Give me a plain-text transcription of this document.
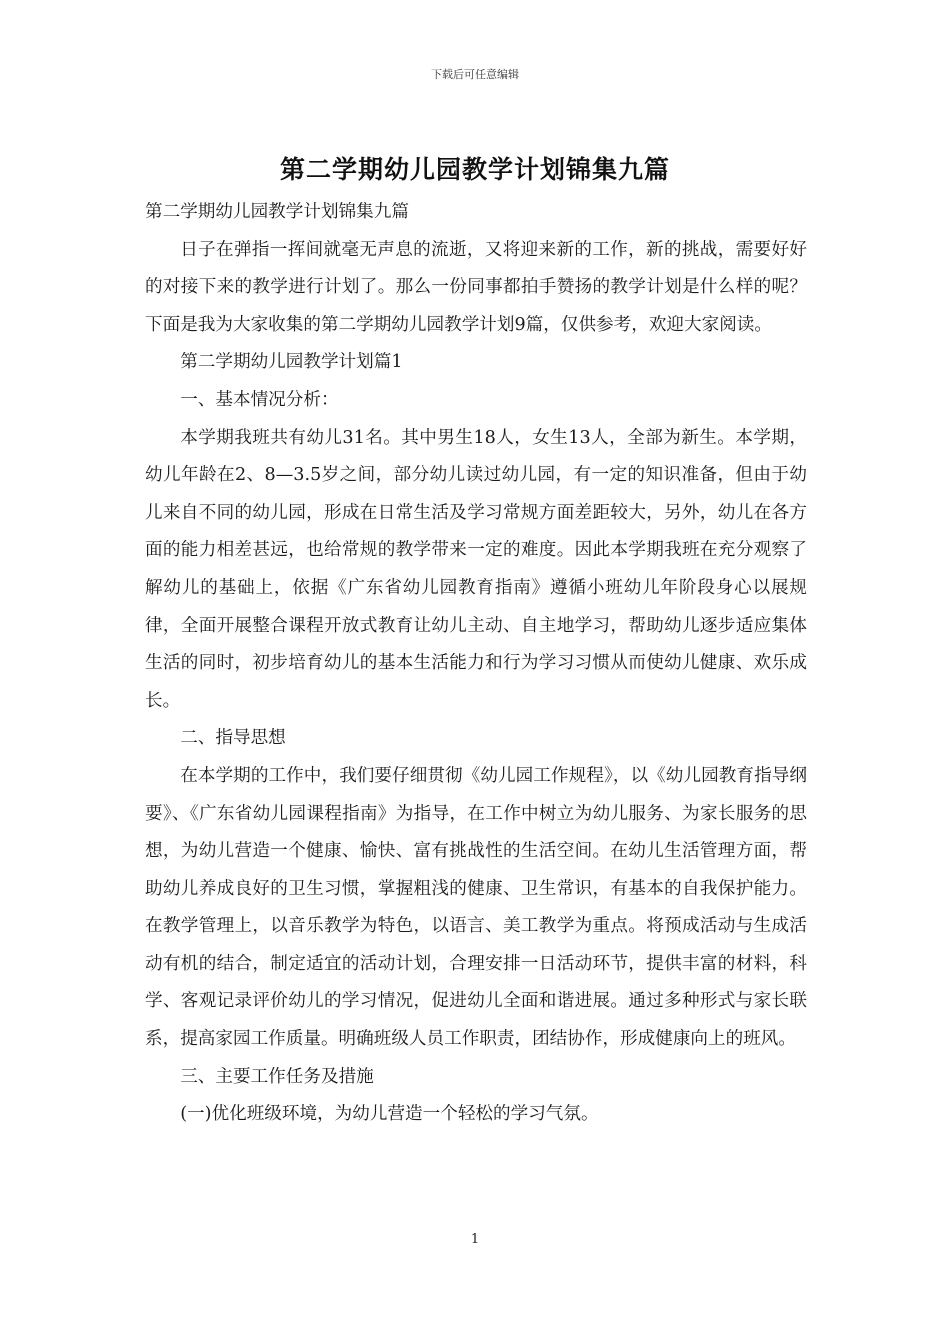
下载后可任意编辑
第二学期幼儿园教学计划锦集九篇

第二学期幼儿园教学计划锦集九篇

日子在弹指一挥间就毫无声息的流逝，又将迎来新的工作，新的挑战，需要好好的对接下来的教学进行计划了。那么一份同事都拍手赞扬的教学计划是什么样的呢？下面是我为大家收集的第二学期幼儿园教学计划9篇，仅供参考，欢迎大家阅读。

第二学期幼儿园教学计划篇1

一、基本情况分析：

本学期我班共有幼儿31名。其中男生18人，女生13人，全部为新生。本学期，幼儿年龄在2、8—3.5岁之间，部分幼儿读过幼儿园，有一定的知识准备，但由于幼儿来自不同的幼儿园，形成在日常生活及学习常规方面差距较大，另外，幼儿在各方面的能力相差甚远，也给常规的教学带来一定的难度。因此本学期我班在充分观察了解幼儿的基础上，依据《广东省幼儿园教育指南》遵循小班幼儿年阶段身心以展规律，全面开展整合课程开放式教育让幼儿主动、自主地学习，帮助幼儿逐步适应集体生活的同时，初步培育幼儿的基本生活能力和行为学习习惯从而使幼儿健康、欢乐成长。

二、指导思想

在本学期的工作中，我们要仔细贯彻《幼儿园工作规程》，以《幼儿园教育指导纲要》、《广东省幼儿园课程指南》为指导，在工作中树立为幼儿服务、为家长服务的思想，为幼儿营造一个健康、愉快、富有挑战性的生活空间。在幼儿生活管理方面，帮助幼儿养成良好的卫生习惯，掌握粗浅的健康、卫生常识，有基本的自我保护能力。在教学管理上，以音乐教学为特色，以语言、美工教学为重点。将预成活动与生成活动有机的结合，制定适宜的活动计划，合理安排一日活动环节，提供丰富的材料，科学、客观记录评价幼儿的学习情况，促进幼儿全面和谐进展。通过多种形式与家长联系，提高家园工作质量。明确班级人员工作职责，团结协作，形成健康向上的班风。

三、主要工作任务及措施

(一)优化班级环境，为幼儿营造一个轻松的学习气氛。

1
